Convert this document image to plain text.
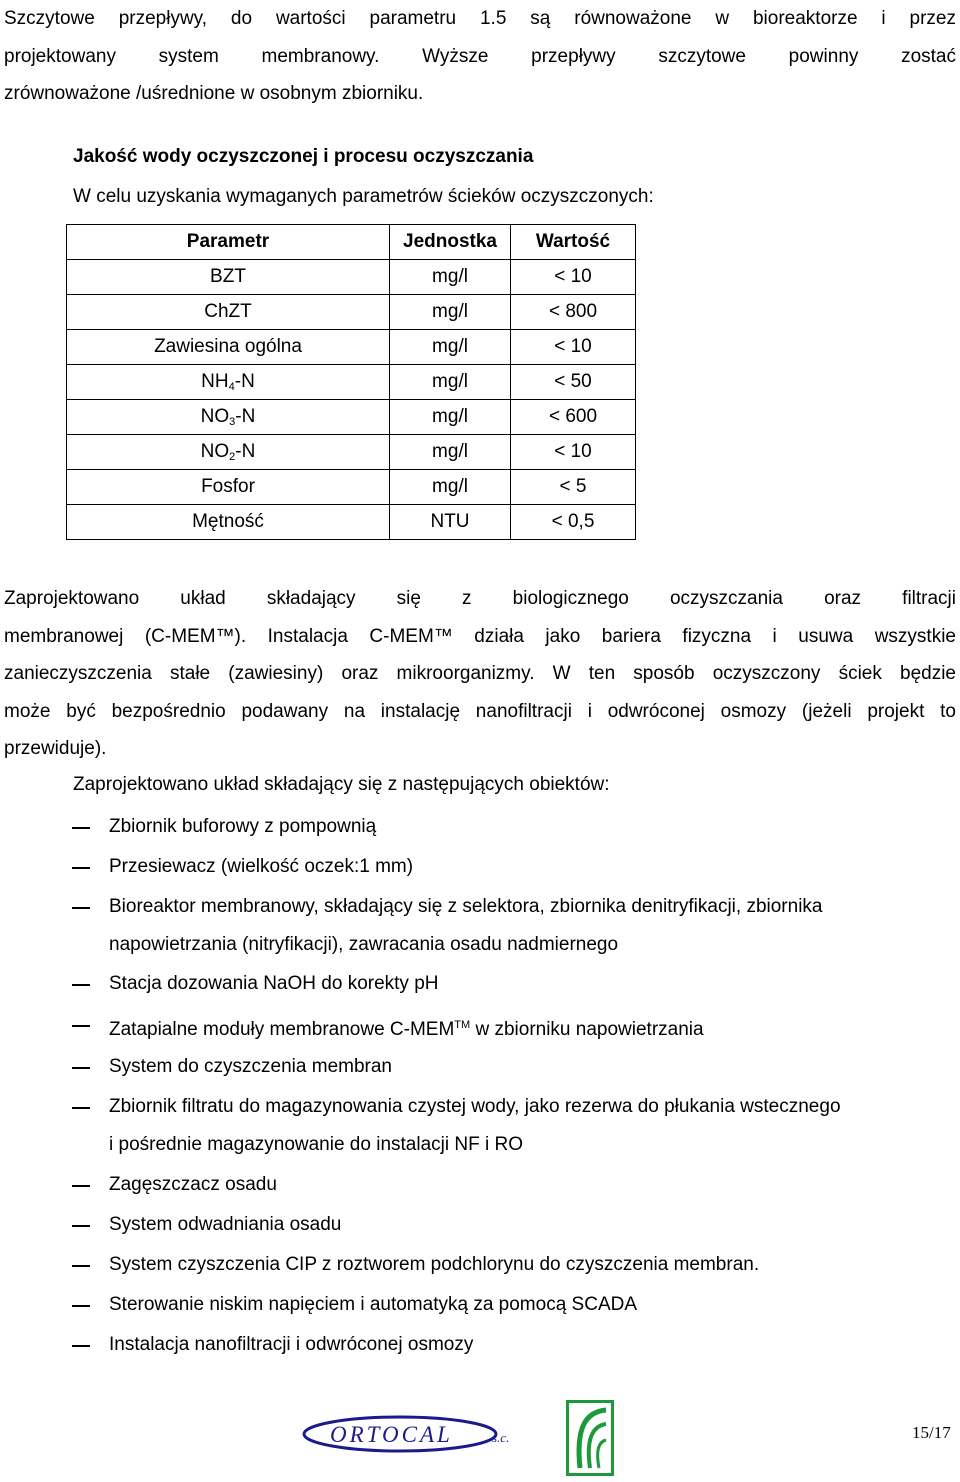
Szczytowe przepływy, do wartości parametru 1.5 są równoważone w bioreaktorze i przez
projektowany system membranowy. Wyższe przepływy szczytowe powinny zostać
zrównoważone /uśrednione w osobnym zbiorniku.
Jakość wody oczyszczonej i procesu oczyszczania
W celu uzyskania wymaganych parametrów ścieków oczyszczonych:
Parametr	Jednostka	Wartość
BZT	mg/l	< 10
ChZT	mg/l	< 800
Zawiesina ogólna	mg/l	< 10
$NH_4-N$	mg/l	< 50
$NO_3-N$	mg/l	< 600
$NO_2-N$	mg/l	< 10
Fosfor	mg/l	< 5
Mętność	NTU	< 0,5
Zaprojektowano układ składający się z biologicznego oczyszczania oraz filtracji
membranowej (C-MEM™). Instalacja C-MEM™ działa jako bariera fizyczna i usuwa wszystkie
zanieczyszczenia stałe (zawiesiny) oraz mikroorganizmy. W ten sposób oczyszczony ściek będzie
może być bezpośrednio podawany na instalację nanofiltracji i odwróconej osmozy (jeżeli projekt to
przewiduje).
Zaprojektowano układ składający się z następujących obiektów:
Zbiornik buforowy z pompownią
Przesiewacz (wielkość oczek:1 mm)
Bioreaktor membranowy, składający się z selektora, zbiornika denitryfikacji, zbiornika
napowietrzania (nitryfikacji), zawracania osadu nadmiernego
Stacja dozowania NaOH do korekty pH
Zatapialne moduły membranowe C-MEM™ w zbiorniku napowietrzania
System do czyszczenia membran
Zbiornik filtratu do magazynowania czystej wody, jako rezerwa do płukania wstecznego
i pośrednie magazynowanie do instalacji NF i RO
Zagęszczacz osadu
System odwadniania osadu
System czyszczenia CIP z roztworem podchlorynu do czyszczenia membran.
Sterowanie niskim napięciem i automatyką za pomocą SCADA
Instalacja nanofiltracji i odwróconej osmozy
ORTOCAL	s.c.	15/17
